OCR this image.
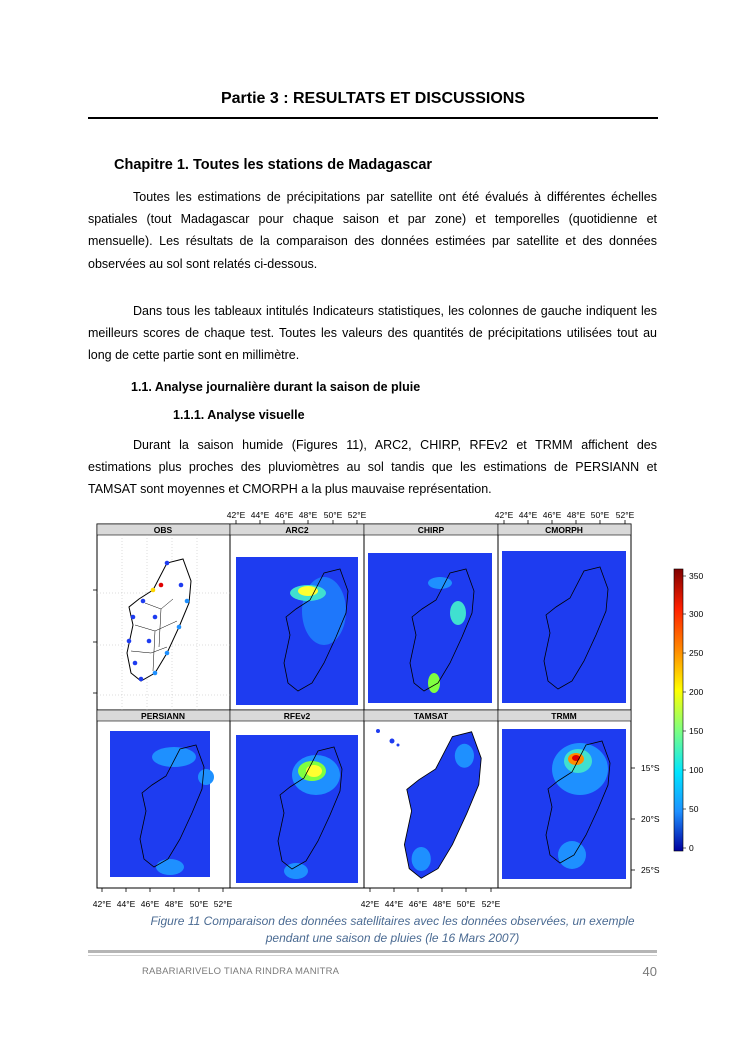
Partie 3 : RESULTATS ET DISCUSSIONS
Chapitre 1. Toutes les stations de Madagascar
Toutes les estimations de précipitations par satellite ont été évalués à différentes échelles spatiales (tout Madagascar pour chaque saison et par zone) et temporelles (quotidienne et mensuelle). Les résultats de la comparaison des données estimées par satellite et des données observées au sol sont relatés ci-dessous.
Dans tous les tableaux intitulés Indicateurs statistiques, les colonnes de gauche indiquent les meilleurs scores de chaque test. Toutes les valeurs des quantités de précipitations utilisées tout au long de cette partie sont en millimètre.
1.1. Analyse journalière durant la saison de pluie
1.1.1. Analyse visuelle
Durant la saison humide (Figures 11), ARC2, CHIRP, RFEv2 et TRMM affichent des estimations plus proches des pluviomètres au sol tandis que les estimations de PERSIANN et TAMSAT sont moyennes et CMORPH a la plus mauvaise représentation.
OBS	ARC2	CHIRP	CMORPH
PERSIANN	RFEv2	TAMSAT	TRMM
42°E 44°E 46°E 48°E 50°E 52°E	42°E 44°E 46°E 48°E 50°E 52°E
42°E 44°E 46°E 48°E 50°E 52°E	42°E 44°E 46°E 48°E 50°E 52°E
15°S
20°S
25°S
350
300
250
200
150
100
50
0
Figure 11 Comparaison des données satellitaires avec les données observées, un exemple pendant une saison de pluies (le 16 Mars 2007)
RABARIARIVELO TIANA RINDRA MANITRA	40
